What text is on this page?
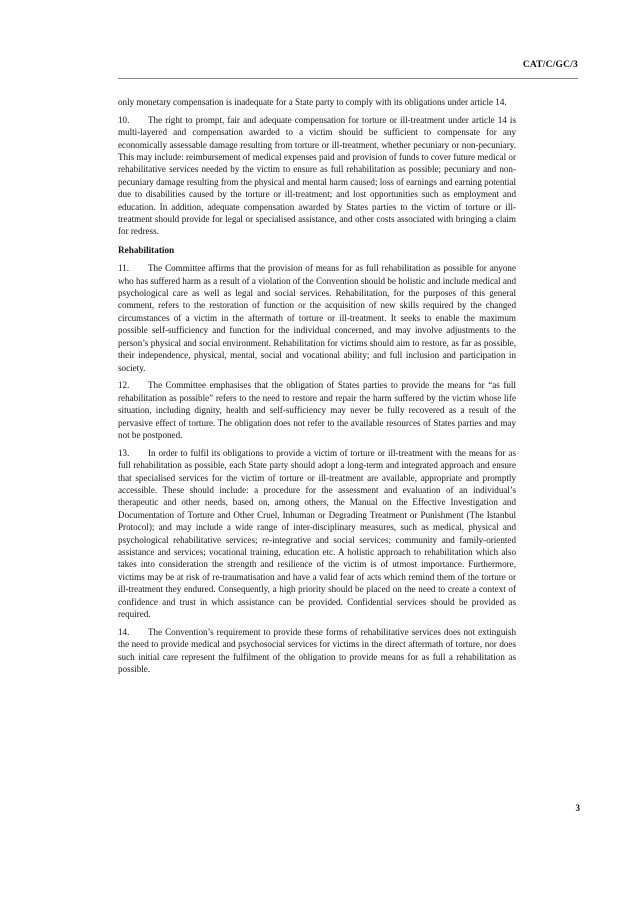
CAT/C/GC/3

only monetary compensation is inadequate for a State party to comply with its obligations under article 14.

10. The right to prompt, fair and adequate compensation for torture or ill-treatment under article 14 is multi-layered and compensation awarded to a victim should be sufficient to compensate for any economically assessable damage resulting from torture or ill-treatment, whether pecuniary or non-pecuniary. This may include: reimbursement of medical expenses paid and provision of funds to cover future medical or rehabilitative services needed by the victim to ensure as full rehabilitation as possible; pecuniary and non-pecuniary damage resulting from the physical and mental harm caused; loss of earnings and earning potential due to disabilities caused by the torture or ill-treatment; and lost opportunities such as employment and education. In addition, adequate compensation awarded by States parties to the victim of torture or ill-treatment should provide for legal or specialised assistance, and other costs associated with bringing a claim for redress.

Rehabilitation

11. The Committee affirms that the provision of means for as full rehabilitation as possible for anyone who has suffered harm as a result of a violation of the Convention should be holistic and include medical and psychological care as well as legal and social services. Rehabilitation, for the purposes of this general comment, refers to the restoration of function or the acquisition of new skills required by the changed circumstances of a victim in the aftermath of torture or ill-treatment. It seeks to enable the maximum possible self-sufficiency and function for the individual concerned, and may involve adjustments to the person’s physical and social environment. Rehabilitation for victims should aim to restore, as far as possible, their independence, physical, mental, social and vocational ability; and full inclusion and participation in society.

12. The Committee emphasises that the obligation of States parties to provide the means for “as full rehabilitation as possible” refers to the need to restore and repair the harm suffered by the victim whose life situation, including dignity, health and self-sufficiency may never be fully recovered as a result of the pervasive effect of torture. The obligation does not refer to the available resources of States parties and may not be postponed.

13. In order to fulfil its obligations to provide a victim of torture or ill-treatment with the means for as full rehabilitation as possible, each State party should adopt a long-term and integrated approach and ensure that specialised services for the victim of torture or ill-treatment are available, appropriate and promptly accessible. These should include: a procedure for the assessment and evaluation of an individual’s therapeutic and other needs, based on, among others, the Manual on the Effective Investigation and Documentation of Torture and Other Cruel, Inhuman or Degrading Treatment or Punishment (The Istanbul Protocol); and may include a wide range of inter-disciplinary measures, such as medical, physical and psychological rehabilitative services; re-integrative and social services; community and family-oriented assistance and services; vocational training, education etc. A holistic approach to rehabilitation which also takes into consideration the strength and resilience of the victim is of utmost importance. Furthermore, victims may be at risk of re-traumatisation and have a valid fear of acts which remind them of the torture or ill-treatment they endured. Consequently, a high priority should be placed on the need to create a context of confidence and trust in which assistance can be provided. Confidential services should be provided as required.

14. The Convention’s requirement to provide these forms of rehabilitative services does not extinguish the need to provide medical and psychosocial services for victims in the direct aftermath of torture, nor does such initial care represent the fulfilment of the obligation to provide means for as full a rehabilitation as possible.

3
